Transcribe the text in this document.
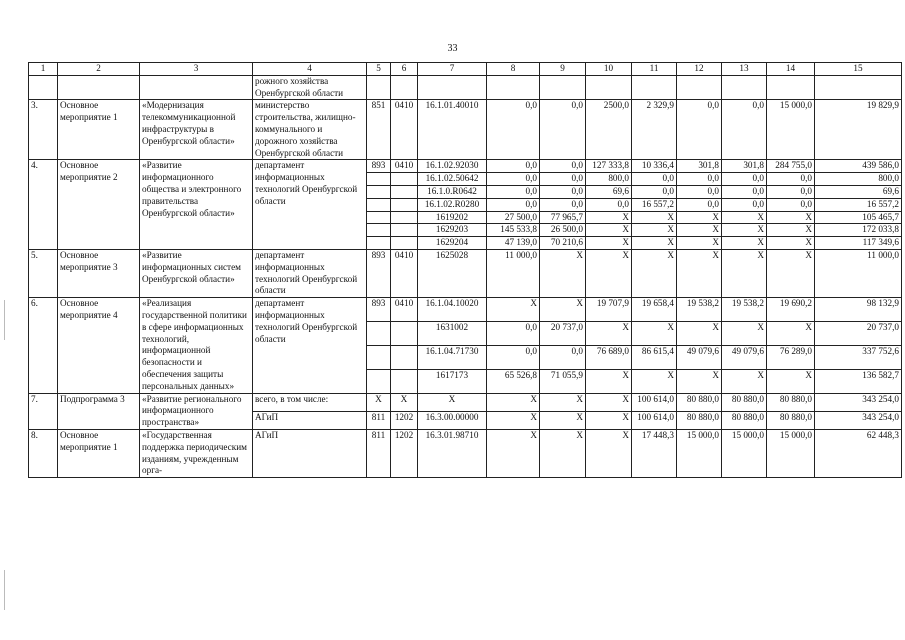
33
1	2	3	4	5	6	7	8	9	10	11	12	13	14	15
			рожного хозяйства Оренбургской области											
3.	Основное мероприятие 1	«Модернизация телекоммуникационной инфраструктуры в Оренбургской области»	министерство строительства, жилищно-коммунального и дорожного хозяйства Оренбургской области	851	0410	16.1.01.40010	0,0	0,0	2500,0	2 329,9	0,0	0,0	15 000,0	19 829,9
4.	Основное мероприятие 2	«Развитие информационного общества и электронного правительства Оренбургской области»	департамент информационных технологий Оренбургской области	893	0410	16.1.02.92030	0,0	0,0	127 333,8	10 336,4	301,8	301,8	284 755,0	439 586,0
						16.1.02.50642	0,0	0,0	800,0	0,0	0,0	0,0	0,0	800,0
						16.1.0.R0642	0,0	0,0	69,6	0,0	0,0	0,0	0,0	69,6
						16.1.02.R0280	0,0	0,0	0,0	16 557,2	0,0	0,0	0,0	16 557,2
						1619202	27 500,0	77 965,7	X	X	X	X	X	105 465,7
						1629203	145 533,8	26 500,0	X	X	X	X	X	172 033,8
						1629204	47 139,0	70 210,6	X	X	X	X	X	117 349,6
5.	Основное мероприятие 3	«Развитие информационных систем Оренбургской области»	департамент информационных технологий Оренбургской области	893	0410	1625028	11 000,0	X	X	X	X	X	X	11 000,0
6.	Основное мероприятие 4	«Реализация государственной политики в сфере информационных технологий, информационной безопасности и обеспечения защиты персональных данных»	департамент информационных технологий Оренбургской области	893	0410	16.1.04.10020	X	X	19 707,9	19 658,4	19 538,2	19 538,2	19 690,2	98 132,9
						1631002	0,0	20 737,0	X	X	X	X	X	20 737,0
						16.1.04.71730	0,0	0,0	76 689,0	86 615,4	49 079,6	49 079,6	76 289,0	337 752,6
						1617173	65 526,8	71 055,9	X	X	X	X	X	136 582,7
7.	Подпрограмма 3	«Развитие регионального информационного пространства»	всего, в том числе:	X	X	X	X	X	X	100 614,0	80 880,0	80 880,0	80 880,0	343 254,0
			АГиП	811	1202	16.3.00.00000	X	X	X	100 614,0	80 880,0	80 880,0	80 880,0	343 254,0
8.	Основное мероприятие 1	«Государственная поддержка периодическим изданиям, учрежденным орга-	АГиП	811	1202	16.3.01.98710	X	X	X	17 448,3	15 000,0	15 000,0	15 000,0	62 448,3
